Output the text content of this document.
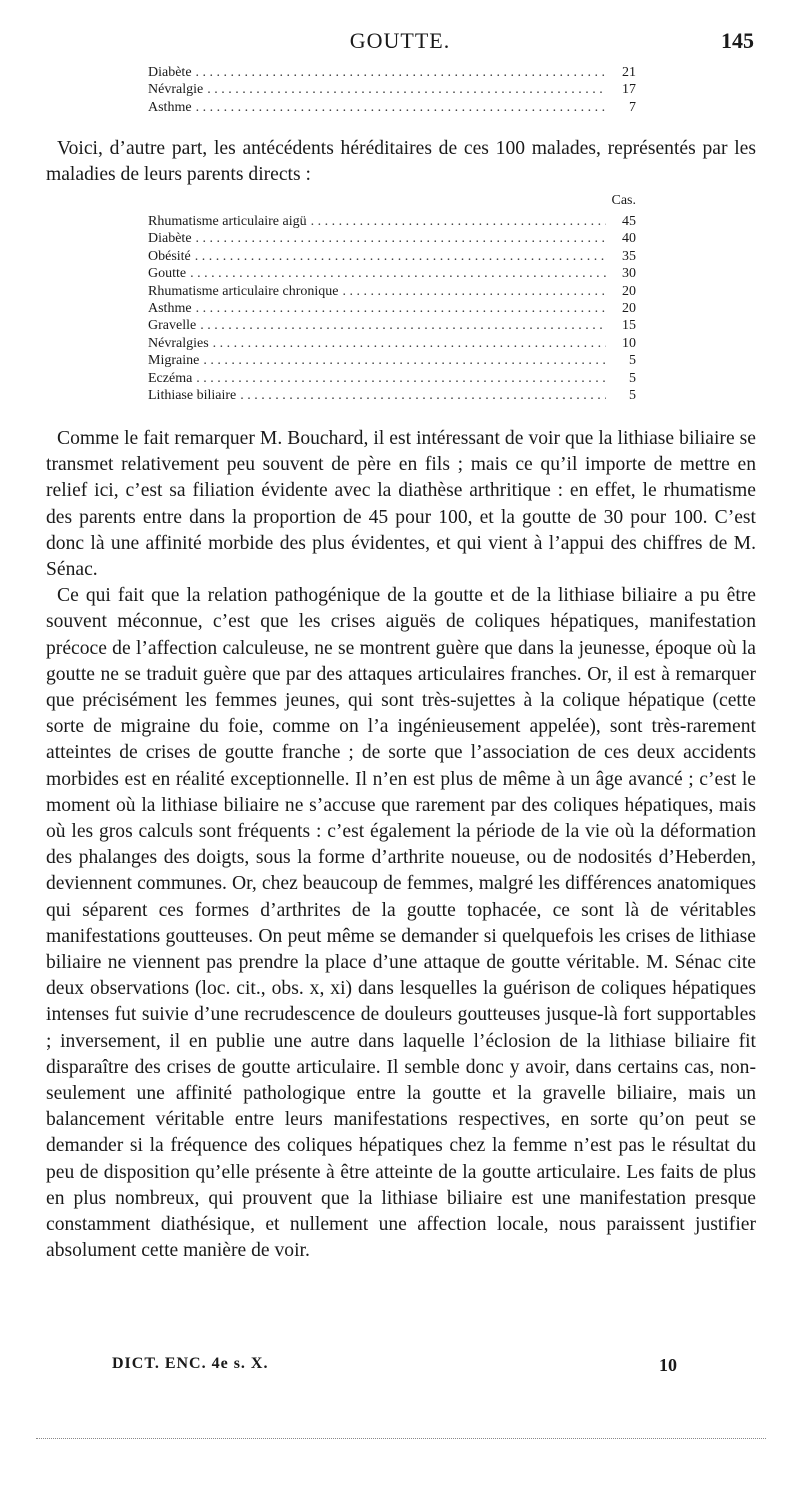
GOUTTE.	145
Diabète . . .	21
Névralgie . . .	17
Asthme . . .	7

Voici, d’autre part, les antécédents héréditaires de ces 100 malades, représentés par les maladies de leurs parents directs :

Cas.
Rhumatisme articulaire aigü . . .	45
Diabète . . .	40
Obésité . . .	35
Goutte . . .	30
Rhumatisme articulaire chronique . . .	20
Asthme . . .	20
Gravelle . . .	15
Névralgies . . .	10
Migraine . . .	5
Eczéma . . .	5
Lithiase biliaire . . .	5

Comme le fait remarquer M. Bouchard, il est intéressant de voir que la lithiase biliaire se transmet relativement peu souvent de père en fils ; mais ce qu’il importe de mettre en relief ici, c’est sa filiation évidente avec la diathèse arthritique : en effet, le rhumatisme des parents entre dans la proportion de 45 pour 100, et la goutte de 30 pour 100. C’est donc là une affinité morbide des plus évidentes, et qui vient à l’appui des chiffres de M. Sénac.

Ce qui fait que la relation pathogénique de la goutte et de la lithiase biliaire a pu être souvent méconnue, c’est que les crises aiguës de coliques hépatiques, manifestation précoce de l’affection calculeuse, ne se montrent guère que dans la jeunesse, époque où la goutte ne se traduit guère que par des attaques articulaires franches. Or, il est à remarquer que précisément les femmes jeunes, qui sont très-sujettes à la colique hépatique (cette sorte de migraine du foie, comme on l’a ingénieusement appelée), sont très-rarement atteintes de crises de goutte franche ; de sorte que l’association de ces deux accidents morbides est en réalité exceptionnelle. Il n’en est plus de même à un âge avancé ; c’est le moment où la lithiase biliaire ne s’accuse que rarement par des coliques hépatiques, mais où les gros calculs sont fréquents : c’est également la période de la vie où la déformation des phalanges des doigts, sous la forme d’arthrite noueuse, ou de nodosités d’Heberden, deviennent communes. Or, chez beaucoup de femmes, malgré les différences anatomiques qui séparent ces formes d’arthrites de la goutte tophacée, ce sont là de véritables manifestations goutteuses. On peut même se demander si quelquefois les crises de lithiase biliaire ne viennent pas prendre la place d’une attaque de goutte véritable. M. Sénac cite deux observations (loc. cit., obs. x, xi) dans lesquelles la guérison de coliques hépatiques intenses fut suivie d’une recrudescence de douleurs goutteuses jusque-là fort supportables ; inversement, il en publie une autre dans laquelle l’éclosion de la lithiase biliaire fit disparaître des crises de goutte articulaire. Il semble donc y avoir, dans certains cas, non-seulement une affinité pathologique entre la goutte et la gravelle biliaire, mais un balancement véritable entre leurs manifestations respectives, en sorte qu’on peut se demander si la fréquence des coliques hépatiques chez la femme n’est pas le résultat du peu de disposition qu’elle présente à être atteinte de la goutte articulaire. Les faits de plus en plus nombreux, qui prouvent que la lithiase biliaire est une manifestation presque constamment diathésique, et nullement une affection locale, nous paraissent justifier absolument cette manière de voir.

DICT. ENC. 4e s. X.	10
